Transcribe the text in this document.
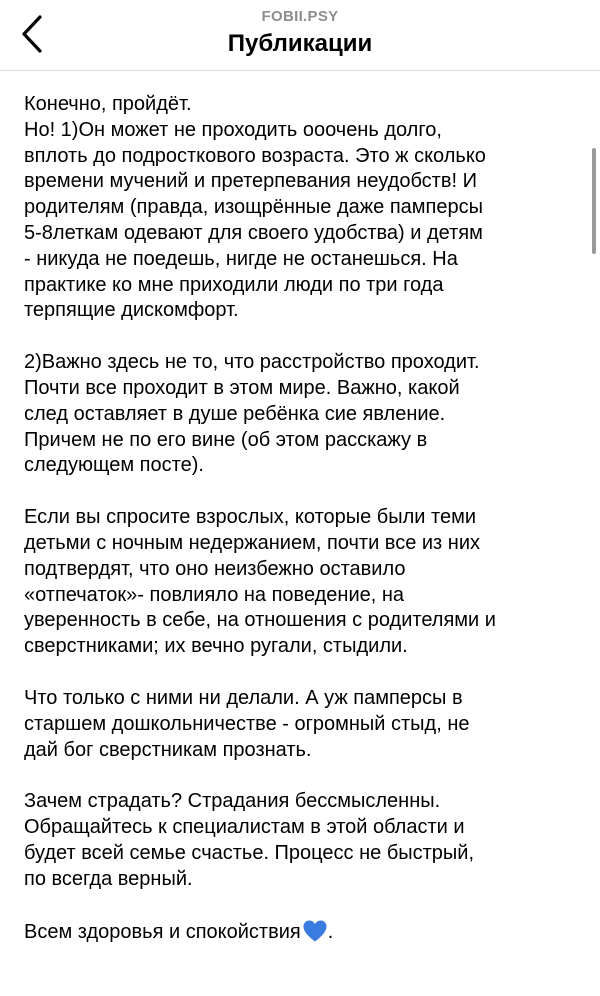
FOBII.PSY
Публикации

Конечно, пройдёт.

Но! 1)Он может не проходить ооочень долго,
вплоть до подросткового возраста. Это ж сколько
времени мучений и претерпевания неудобств! И
родителям (правда, изощрённые даже памперсы
5-8леткам одевают для своего удобства) и детям
- никуда не поедешь, нигде не останешься. На
практике ко мне приходили люди по три года
терпящие дискомфорт.

2)Важно здесь не то, что расстройство проходит.
Почти все проходит в этом мире. Важно, какой
след оставляет в душе ребёнка сие явление.
Причем не по его вине (об этом расскажу в
следующем посте).

Если вы спросите взрослых, которые были теми
детьми с ночным недержанием, почти все из них
подтвердят, что оно неизбежно оставило
«отпечаток»- повлияло на поведение, на
уверенность в себе, на отношения с родителями и
сверстниками; их вечно ругали, стыдили.

Что только с ними ни делали. А уж памперсы в
старшем дошкольничестве - огромный стыд, не
дай бог сверстникам прознать.

Зачем страдать? Страдания бессмысленны.
Обращайтесь к специалистам в этой области и
будет всей семье счастье. Процесс не быстрый,
по всегда верный.

Всем здоровья и спокойствия .
